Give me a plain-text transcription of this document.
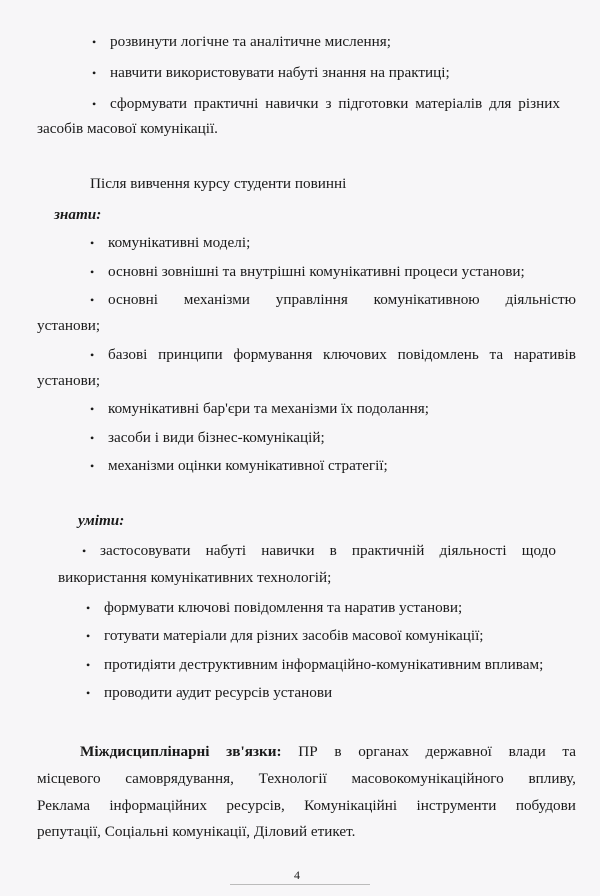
• розвинути логічне та аналітичне мислення;
• навчити використовувати набуті знання на практиці;
• сформувати практичні навички з підготовки матеріалів для різних
засобів масової комунікації.
Після вивчення курсу студенти повинні
знати:
• комунікативні моделі;
• основні зовнішні та внутрішні комунікативні процеси установи;
• основні механізми управління комунікативною діяльністю
установи;
• базові принципи формування ключових повідомлень та наративів
установи;
• комунікативні бар'єри та механізми їх подолання;
• засоби і види бізнес-комунікацій;
• механізми оцінки комунікативної стратегії;
уміти:
• застосовувати набуті навички в практичній діяльності щодо
використання комунікативних технологій;
• формувати ключові повідомлення та наратив установи;
• готувати матеріали для різних засобів масової комунікації;
• протидіяти деструктивним інформаційно-комунікативним впливам;
• проводити аудит ресурсів установи
Міждисциплінарні зв'язки: ПР в органах державної влади та
місцевого самоврядування, Технології масовокомунікаційного впливу,
Реклама інформаційних ресурсів, Комунікаційні інструменти побудови
репутації, Соціальні комунікації, Діловий етикет.
4
